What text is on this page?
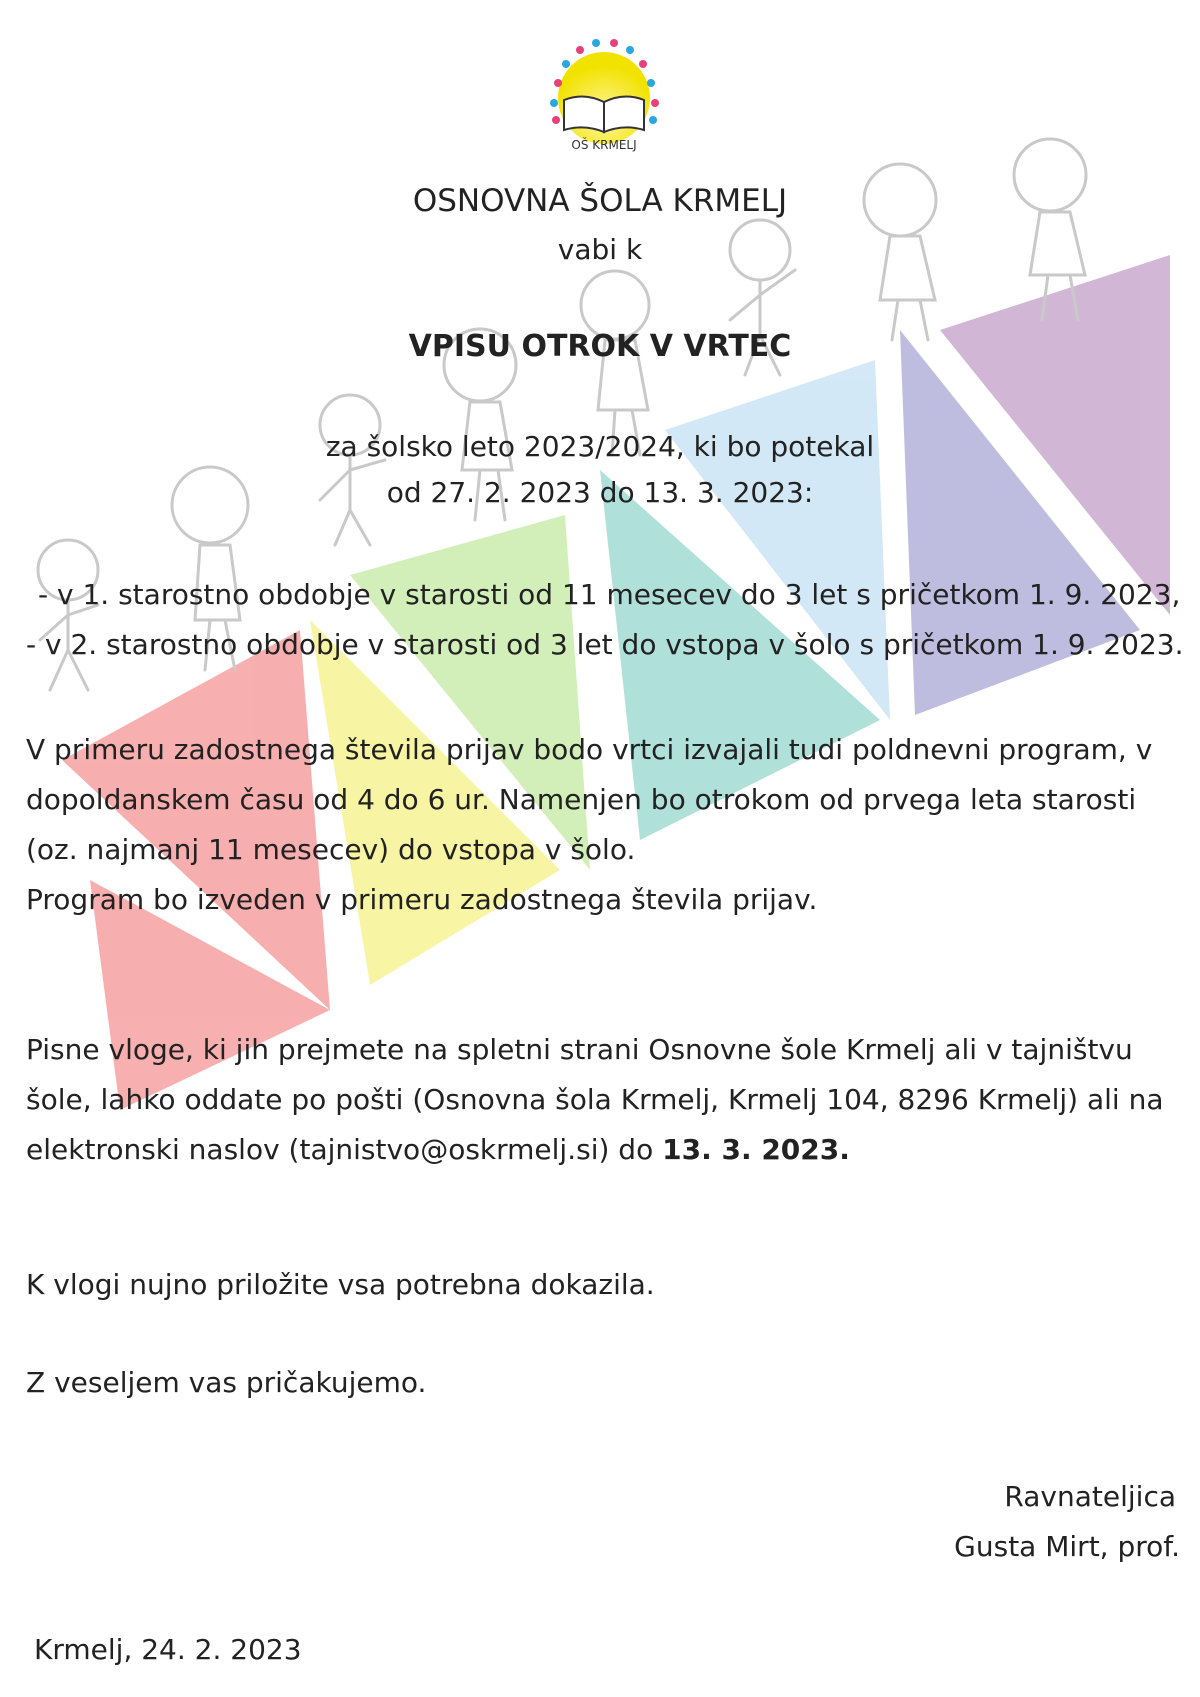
OŠ KRMELJ
OSNOVNA ŠOLA KRMELJ
vabi k
VPISU OTROK V VRTEC
za šolsko leto 2023/2024, ki bo potekal
od 27. 2. 2023 do 13. 3. 2023:
- v 1. starostno obdobje v starosti od 11 mesecev do 3 let s pričetkom 1. 9. 2023,
- v 2. starostno obdobje v starosti od 3 let do vstopa v šolo s pričetkom 1. 9. 2023.
V primeru zadostnega števila prijav bodo vrtci izvajali tudi poldnevni program, v
dopoldanskem času od 4 do 6 ur. Namenjen bo otrokom od prvega leta starosti
(oz. najmanj 11 mesecev) do vstopa v šolo.
Program bo izveden v primeru zadostnega števila prijav.
Pisne vloge, ki jih prejmete na spletni strani Osnovne šole Krmelj ali v tajništvu
šole, lahko oddate po pošti (Osnovna šola Krmelj, Krmelj 104, 8296 Krmelj) ali na
elektronski naslov (tajnistvo@oskrmelj.si) do 13. 3. 2023.
K vlogi nujno priložite vsa potrebna dokazila.
Z veseljem vas pričakujemo.
Ravnateljica
Gusta Mirt, prof.
Krmelj, 24. 2. 2023
